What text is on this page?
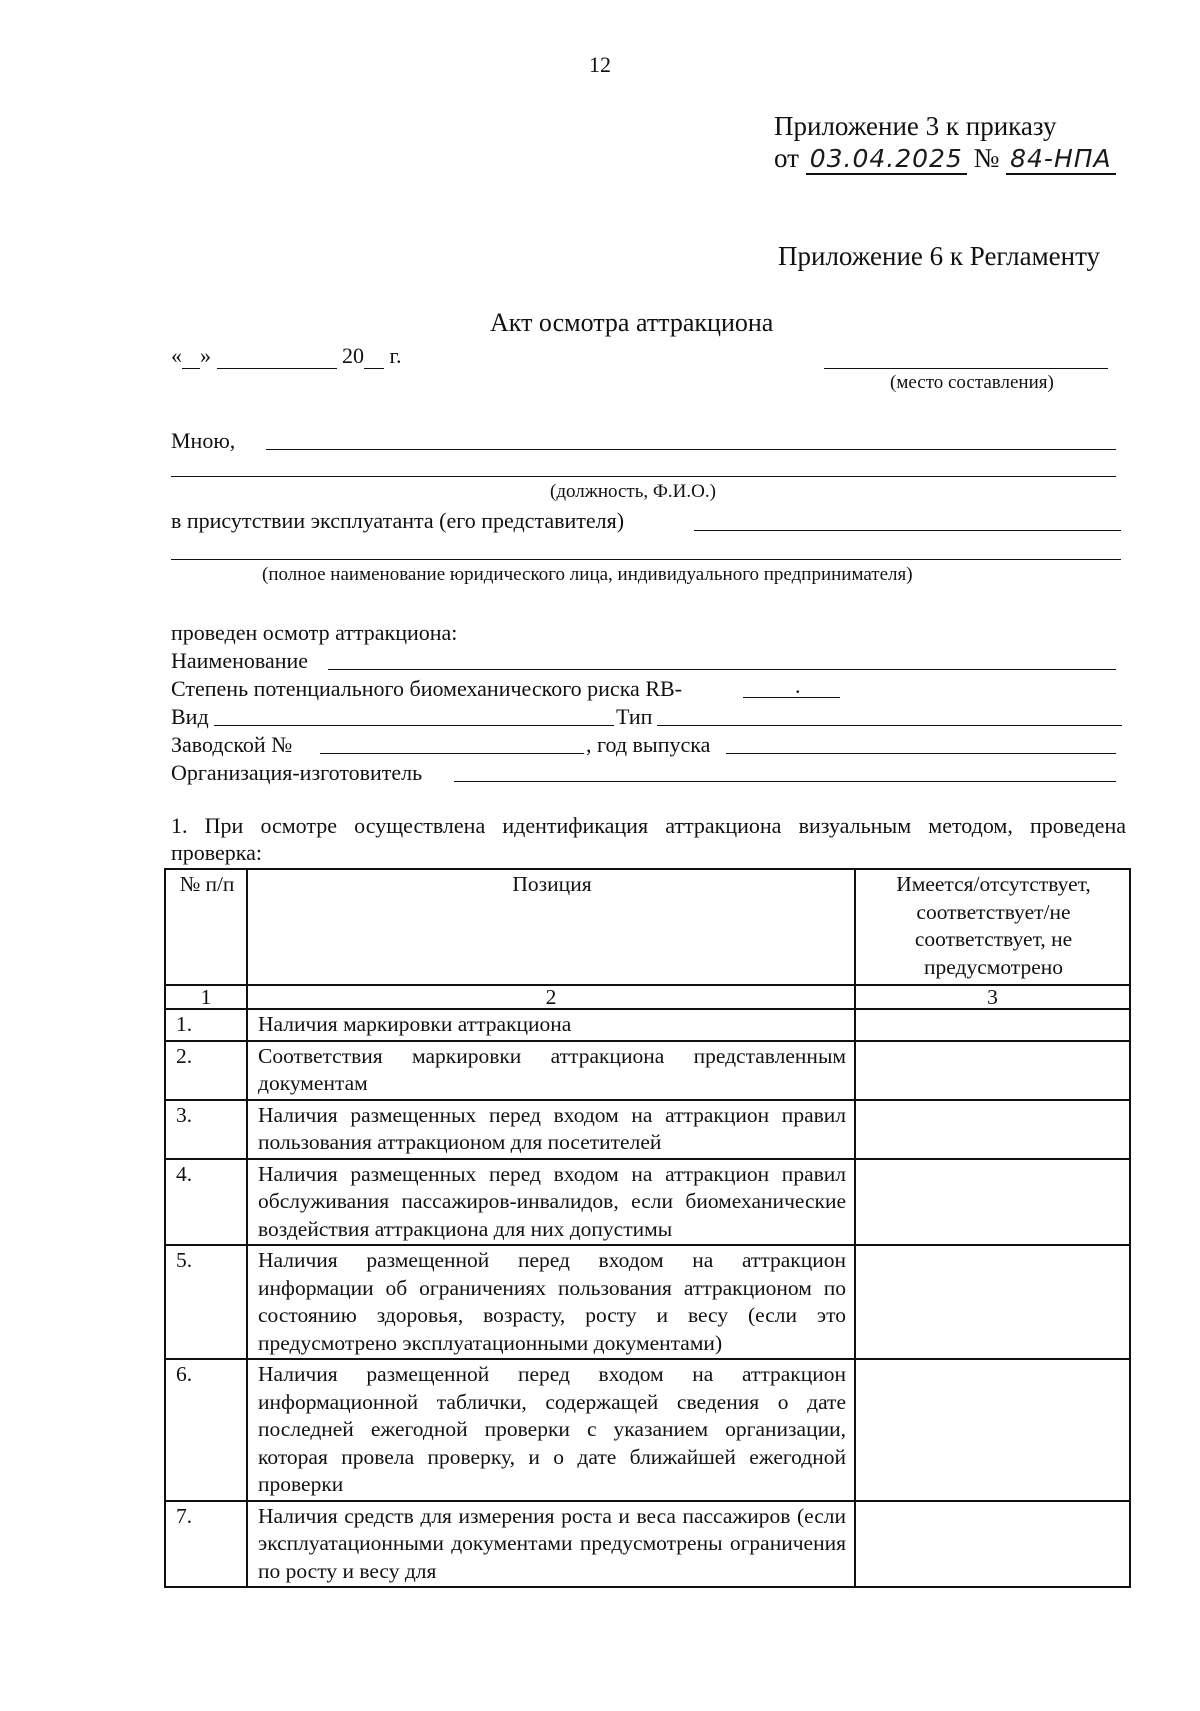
12
Приложение 3 к приказу
от 03.04.2025 № 84-НПА
Приложение 6 к Регламенту
Акт осмотра аттракциона
« »	20 г.
(место составления)
Мною,
(должность, Ф.И.О.)
в присутствии эксплуатанта (его представителя)
(полное наименование юридического лица, индивидуального предпринимателя)
проведен осмотр аттракциона:
Наименование
Степень потенциального биомеханического риска RB-	.
Вид	Тип
Заводской №	, год выпуска
Организация-изготовитель
1. При осмотре осуществлена идентификация аттракциона визуальным методом, проведена проверка:
№ п/п	Позиция	Имеется/отсутствует, соответствует/не соответствует, не предусмотрено
1	2	3
1.	Наличия маркировки аттракциона	
2.	Соответствия маркировки аттракциона представленным документам	
3.	Наличия размещенных перед входом на аттракцион правил пользования аттракционом для посетителей	
4.	Наличия размещенных перед входом на аттракцион правил обслуживания пассажиров-инвалидов, если биомеханические воздействия аттракциона для них допустимы	
5.	Наличия размещенной перед входом на аттракцион информации об ограничениях пользования аттракционом по состоянию здоровья, возрасту, росту и весу (если это предусмотрено эксплуатационными документами)	
6.	Наличия размещенной перед входом на аттракцион информационной таблички, содержащей сведения о дате последней ежегодной проверки с указанием организации, которая провела проверку, и о дате ближайшей ежегодной проверки	
7.	Наличия средств для измерения роста и веса пассажиров (если эксплуатационными документами предусмотрены ограничения по росту и весу для	
